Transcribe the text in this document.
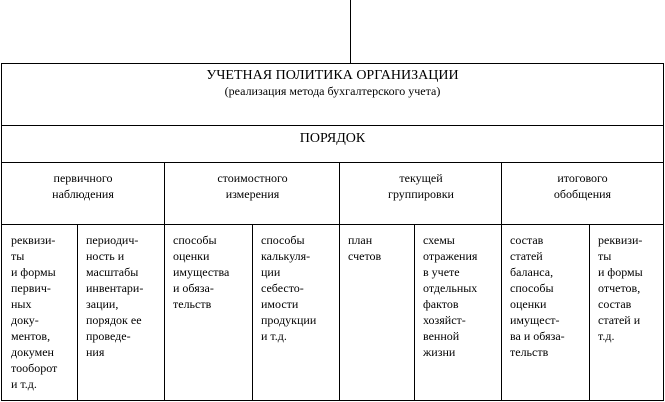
УЧЕТНАЯ ПОЛИТИКА ОРГАНИЗАЦИИ
(реализация метода бухгалтерского учета)
ПОРЯДОК
первичного
наблюдения
стоимостного
измерения
текущей
группировки
итогового
обобщения
реквизи-
ты
и формы
первич-
ных
доку-
ментов,
докумен
тооборот
и т.д.
периодич-
ность и
масштабы
инвентари-
зации,
порядок ее
проведе-
ния
способы
оценки
имущества
и обяза-
тельств
способы
калькуля-
ции
себесто-
имости
продукции
и т.д.
план
счетов
схемы
отражения
в учете
отдельных
фактов
хозяйст-
венной
жизни
состав
статей
баланса,
способы
оценки
имущест-
ва и обяза-
тельств
реквизи-
ты
и формы
отчетов,
состав
статей и
т.д.
